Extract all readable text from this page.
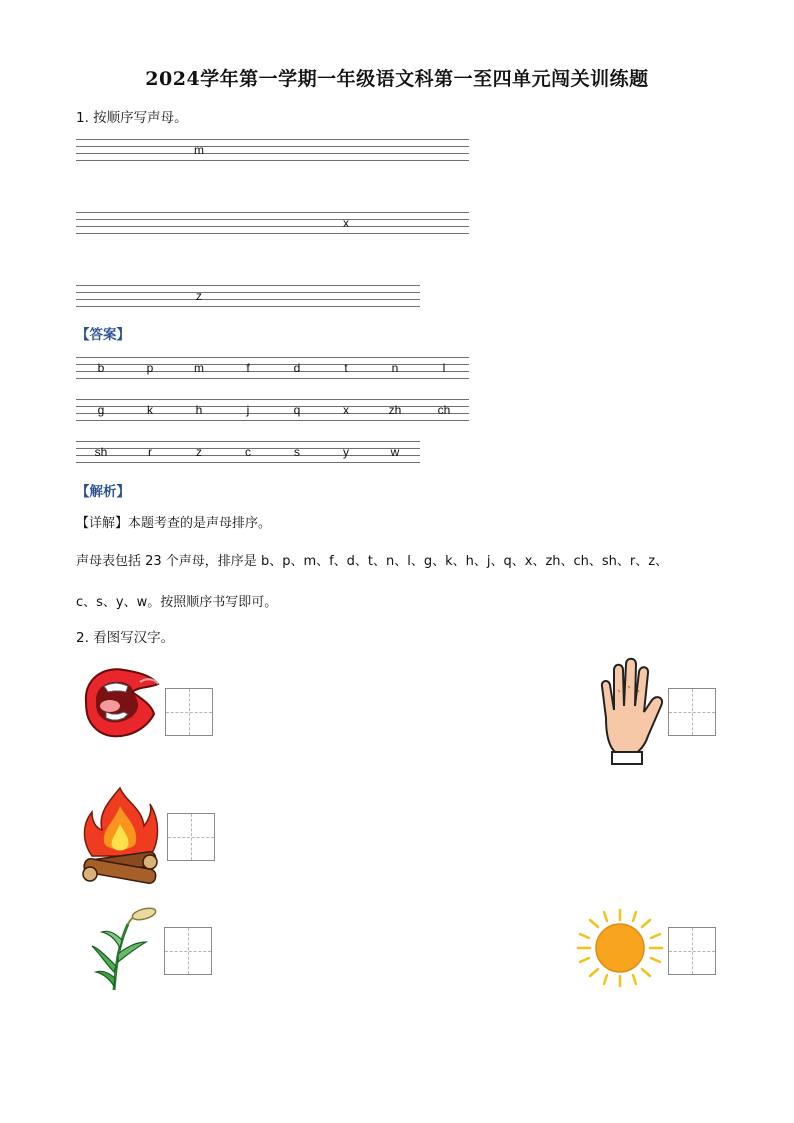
2024学年第一学期一年级语文科第一至四单元闯关训练题
1. 按顺序写声母。
m
x
z
【答案】
b	p	m	f	d	t	n	l
g	k	h	j	q	x	zh	ch
sh	r	z	c	s	y	w
【解析】
【详解】本题考查的是声母排序。
声母表包括 23 个声母，排序是 b、p、m、f、d、t、n、l、g、k、h、j、q、x、zh、ch、sh、r、z、
c、s、y、w。按照顺序书写即可。
2. 看图写汉字。
